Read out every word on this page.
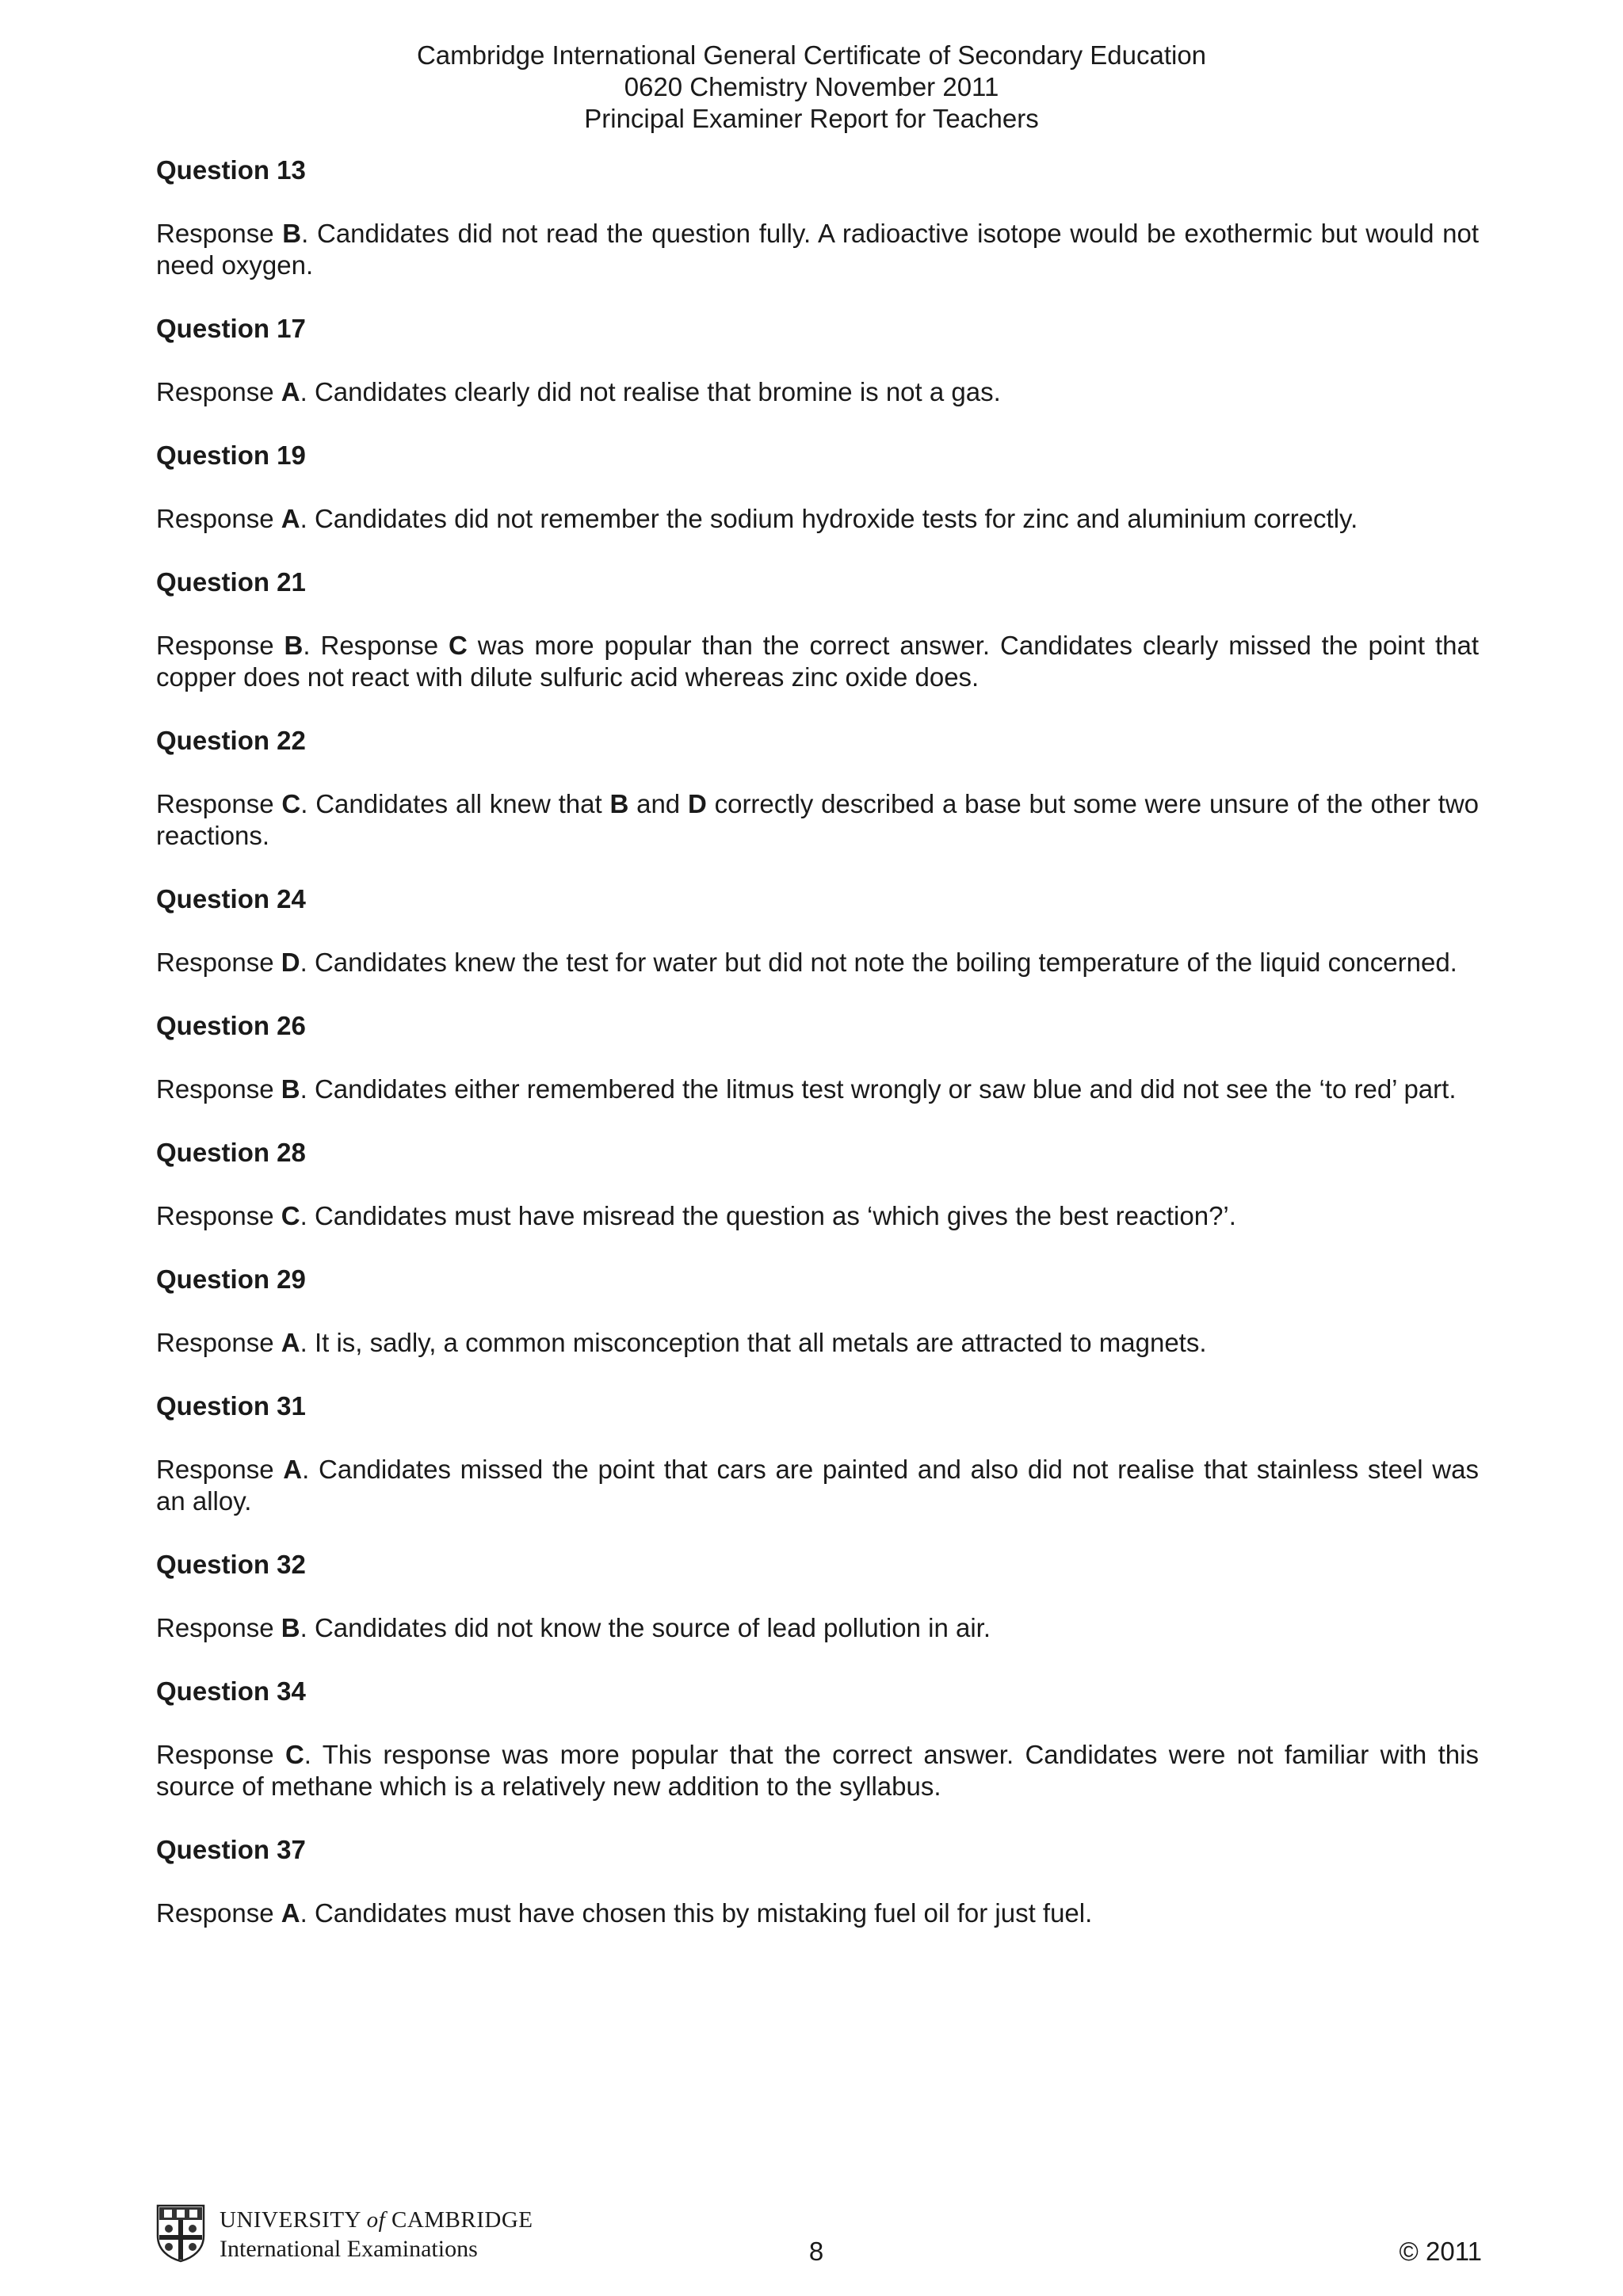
Cambridge International General Certificate of Secondary Education
0620 Chemistry November 2011
Principal Examiner Report for Teachers

Question 13

Response B. Candidates did not read the question fully. A radioactive isotope would be exothermic but would not need oxygen.

Question 17

Response A. Candidates clearly did not realise that bromine is not a gas.

Question 19

Response A. Candidates did not remember the sodium hydroxide tests for zinc and aluminium correctly.

Question 21

Response B. Response C was more popular than the correct answer. Candidates clearly missed the point that copper does not react with dilute sulfuric acid whereas zinc oxide does.

Question 22

Response C. Candidates all knew that B and D correctly described a base but some were unsure of the other two reactions.

Question 24

Response D. Candidates knew the test for water but did not note the boiling temperature of the liquid concerned.

Question 26

Response B. Candidates either remembered the litmus test wrongly or saw blue and did not see the ‘to red’ part.

Question 28

Response C. Candidates must have misread the question as ‘which gives the best reaction?’.

Question 29

Response A. It is, sadly, a common misconception that all metals are attracted to magnets.

Question 31

Response A. Candidates missed the point that cars are painted and also did not realise that stainless steel was an alloy.

Question 32

Response B. Candidates did not know the source of lead pollution in air.

Question 34

Response C. This response was more popular that the correct answer. Candidates were not familiar with this source of methane which is a relatively new addition to the syllabus.

Question 37

Response A. Candidates must have chosen this by mistaking fuel oil for just fuel.

UNIVERSITY of CAMBRIDGE
International Examinations	8	© 2011
